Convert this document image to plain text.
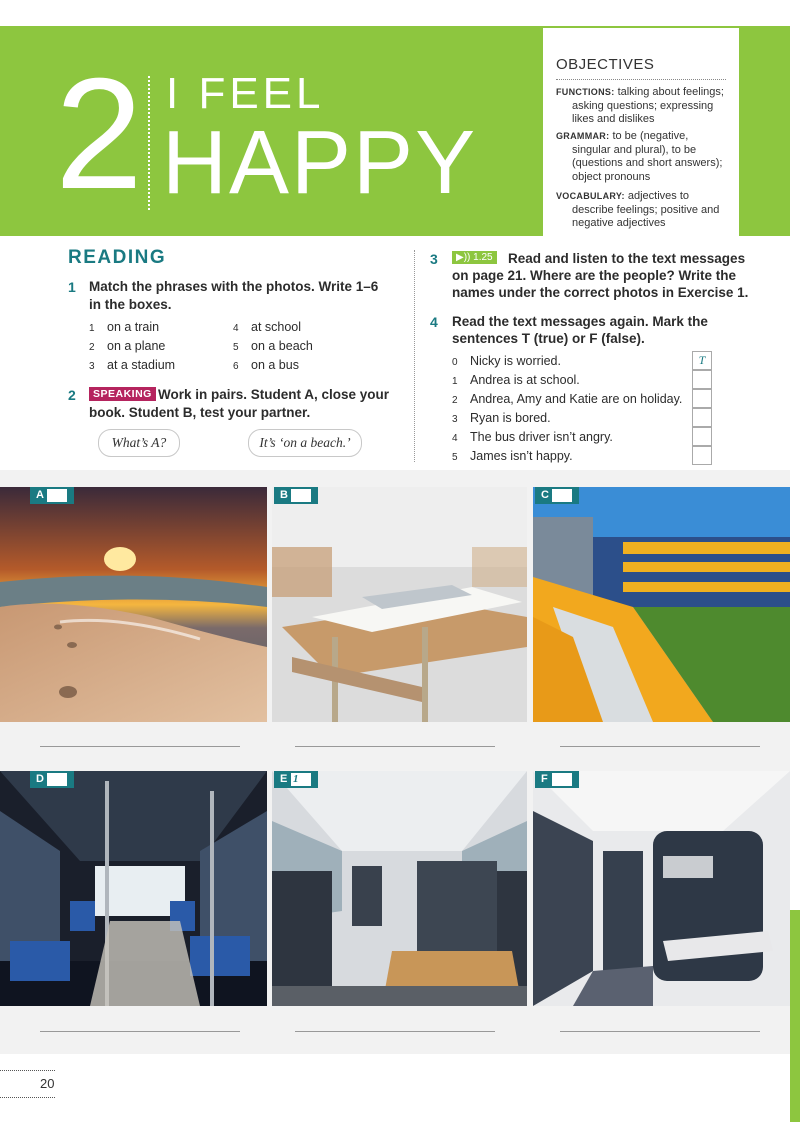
2 I FEEL
HAPPY
OBJECTIVES
FUNCTIONS: talking about feelings;
asking questions; expressing
likes and dislikes
GRAMMAR: to be (negative,
singular and plural), to be
(questions and short answers);
object pronouns
VOCABULARY: adjectives to
describe feelings; positive and
negative adjectives
READING
1 Match the phrases with the photos. Write 1–6
in the boxes.
1 on a train
2 on a plane
3 at a stadium
4 at school
5 on a beach
6 on a bus
2	SPEAKING Work in pairs. Student A, close your
book. Student B, test your partner.
What’s A?	It’s ‘on a beach.’
3	▶)) 1.25 Read and listen to the text messages
on page 21. Where are the people? Write the
names under the correct photos in Exercise 1.
4 Read the text messages again. Mark the
sentences T (true) or F (false).
0 Nicky is worried.
1 Andrea is at school.
2 Andrea, Amy and Katie are on holiday.
3 Ryan is bored.
4 The bus driver isn’t angry.
5 James isn’t happy.
T
A	B	C
D	E 1	F
20
